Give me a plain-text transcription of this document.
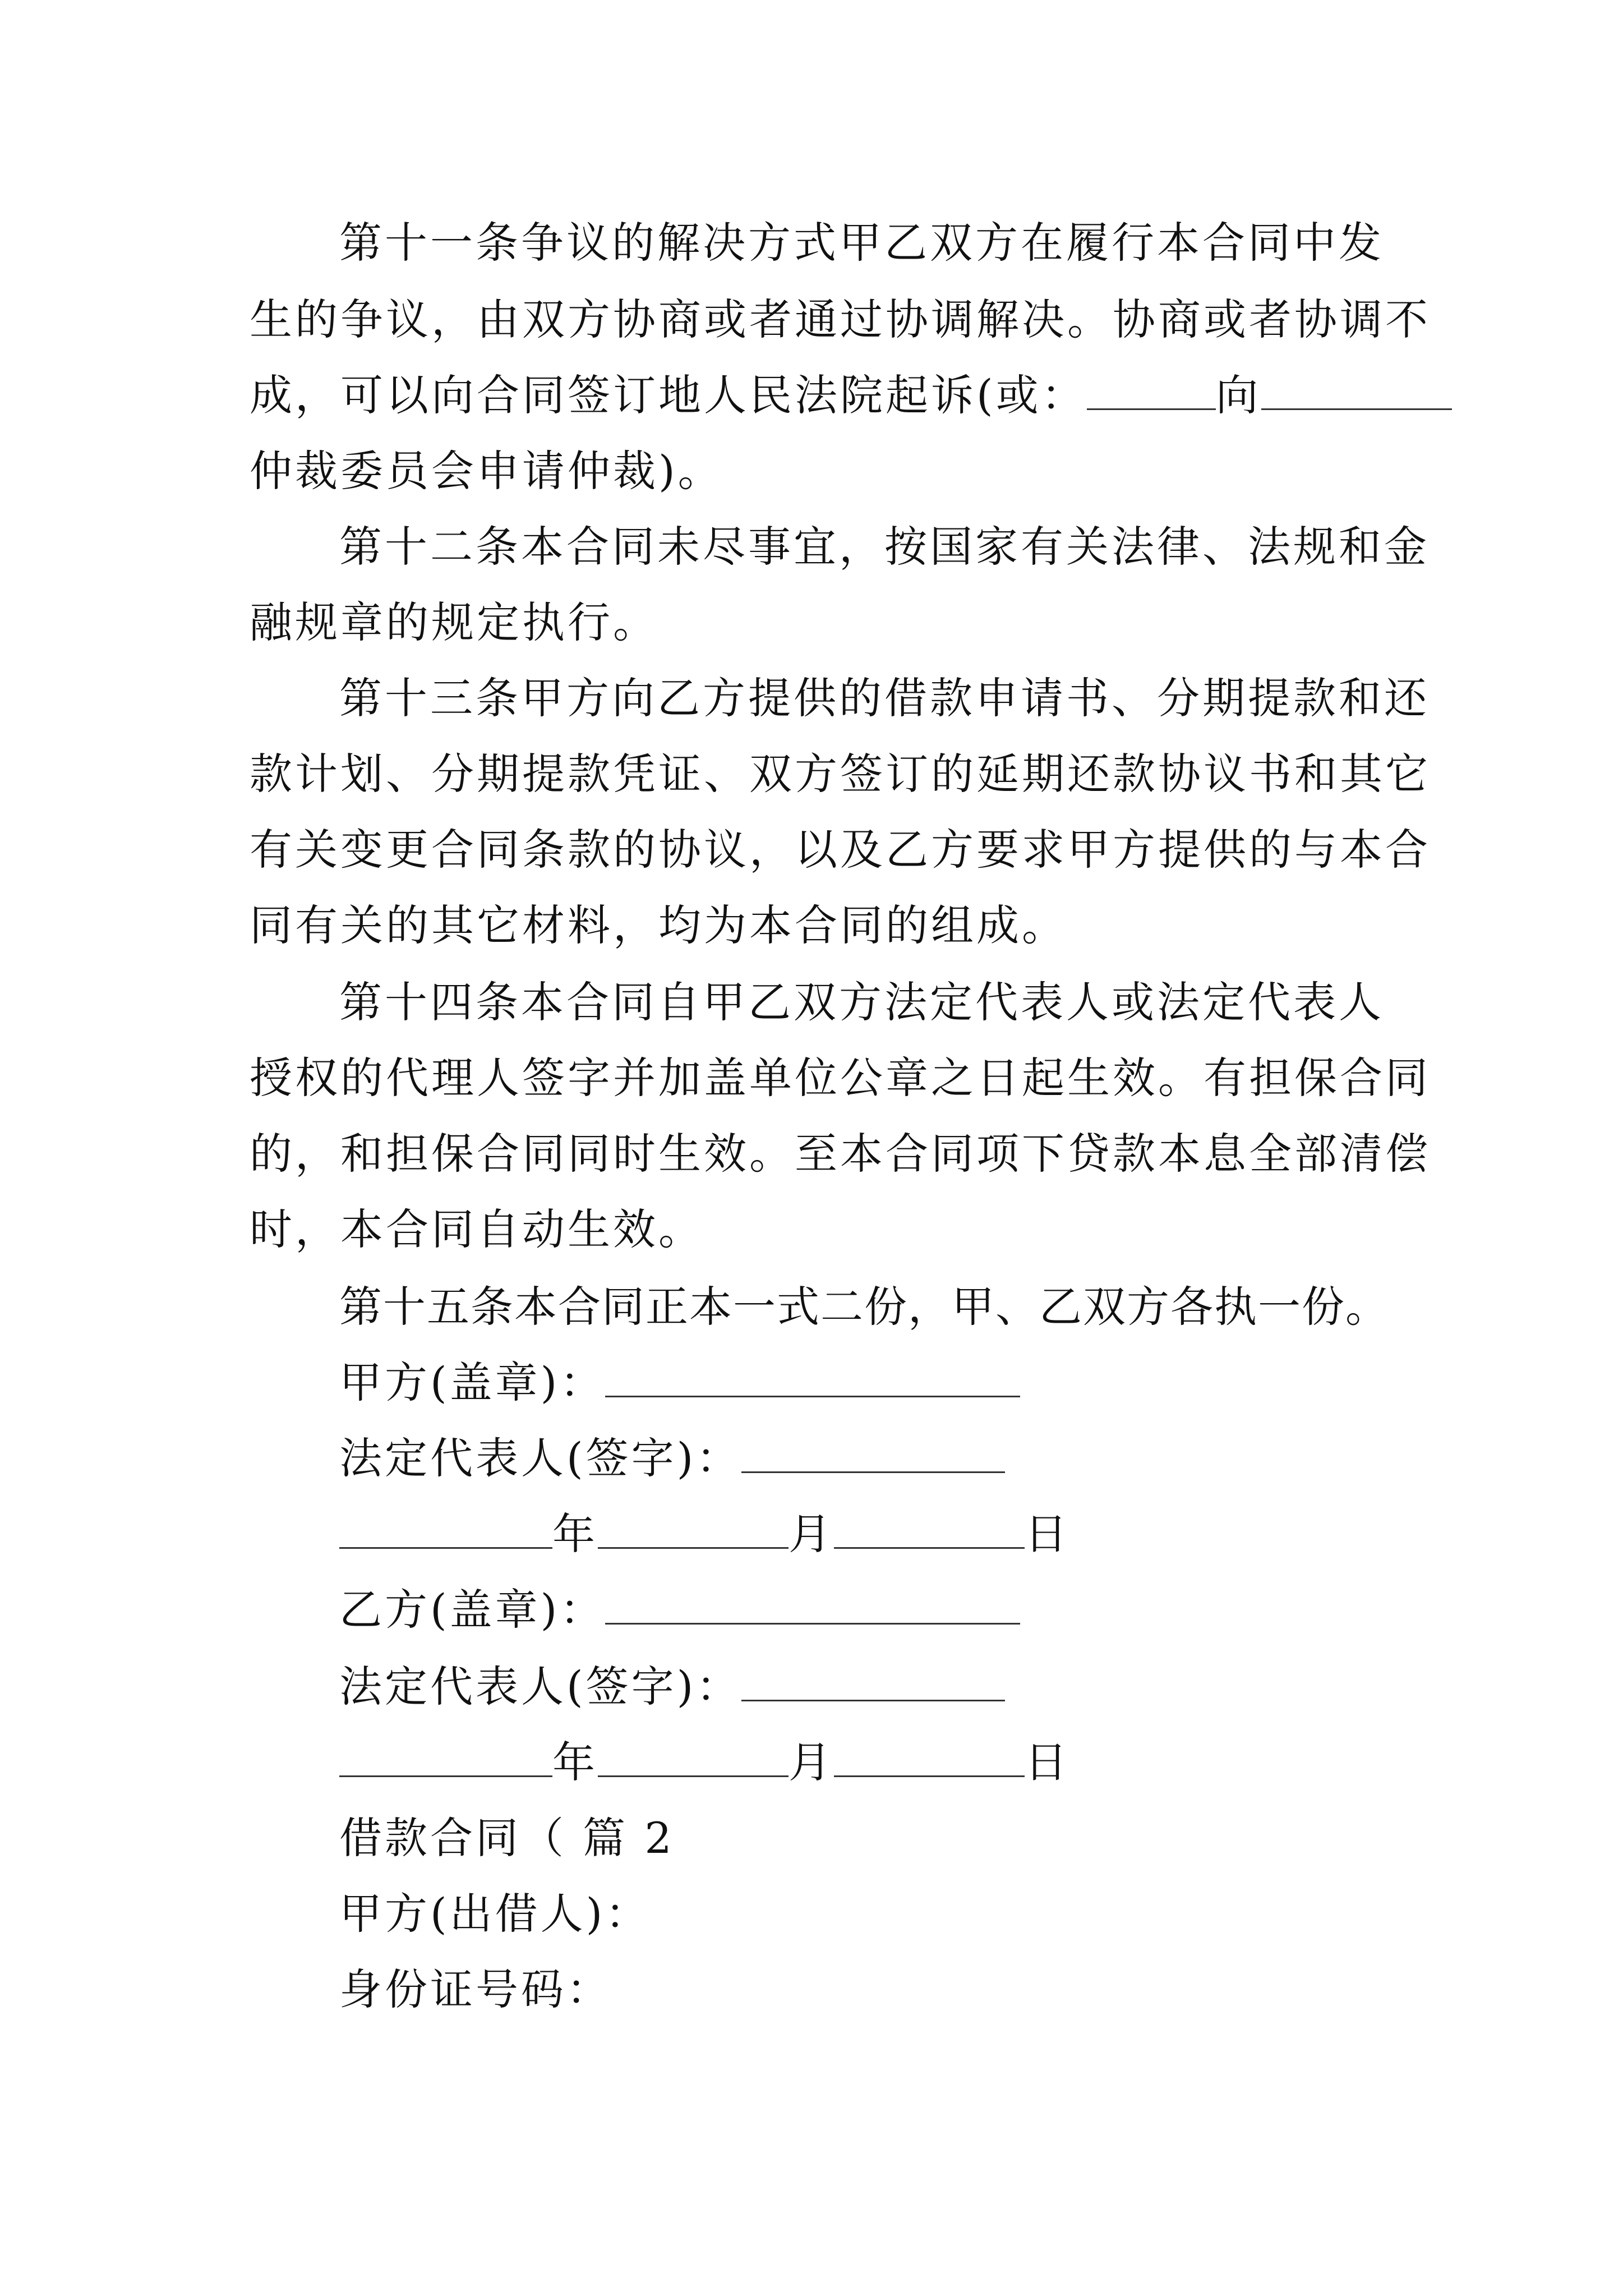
第十一条争议的解决方式甲乙双方在履行本合同中发
生的争议，由双方协商或者通过协调解决。协商或者协调不
成，可以向合同签订地人民法院起诉(或：	向
仲裁委员会申请仲裁)。
第十二条本合同未尽事宜，按国家有关法律、法规和金
融规章的规定执行。
第十三条甲方向乙方提供的借款申请书、分期提款和还
款计划、分期提款凭证、双方签订的延期还款协议书和其它
有关变更合同条款的协议，以及乙方要求甲方提供的与本合
同有关的其它材料，均为本合同的组成。
第十四条本合同自甲乙双方法定代表人或法定代表人
授权的代理人签字并加盖单位公章之日起生效。有担保合同
的，和担保合同同时生效。至本合同项下贷款本息全部清偿
时，本合同自动生效。
第十五条本合同正本一式二份，甲、乙双方各执一份。
甲方(盖章)：
法定代表人(签字)：
年	月	日
乙方(盖章)：
法定代表人(签字)：
年	月	日
借款合同（ 篇 2
甲方(出借人)：
身份证号码：
